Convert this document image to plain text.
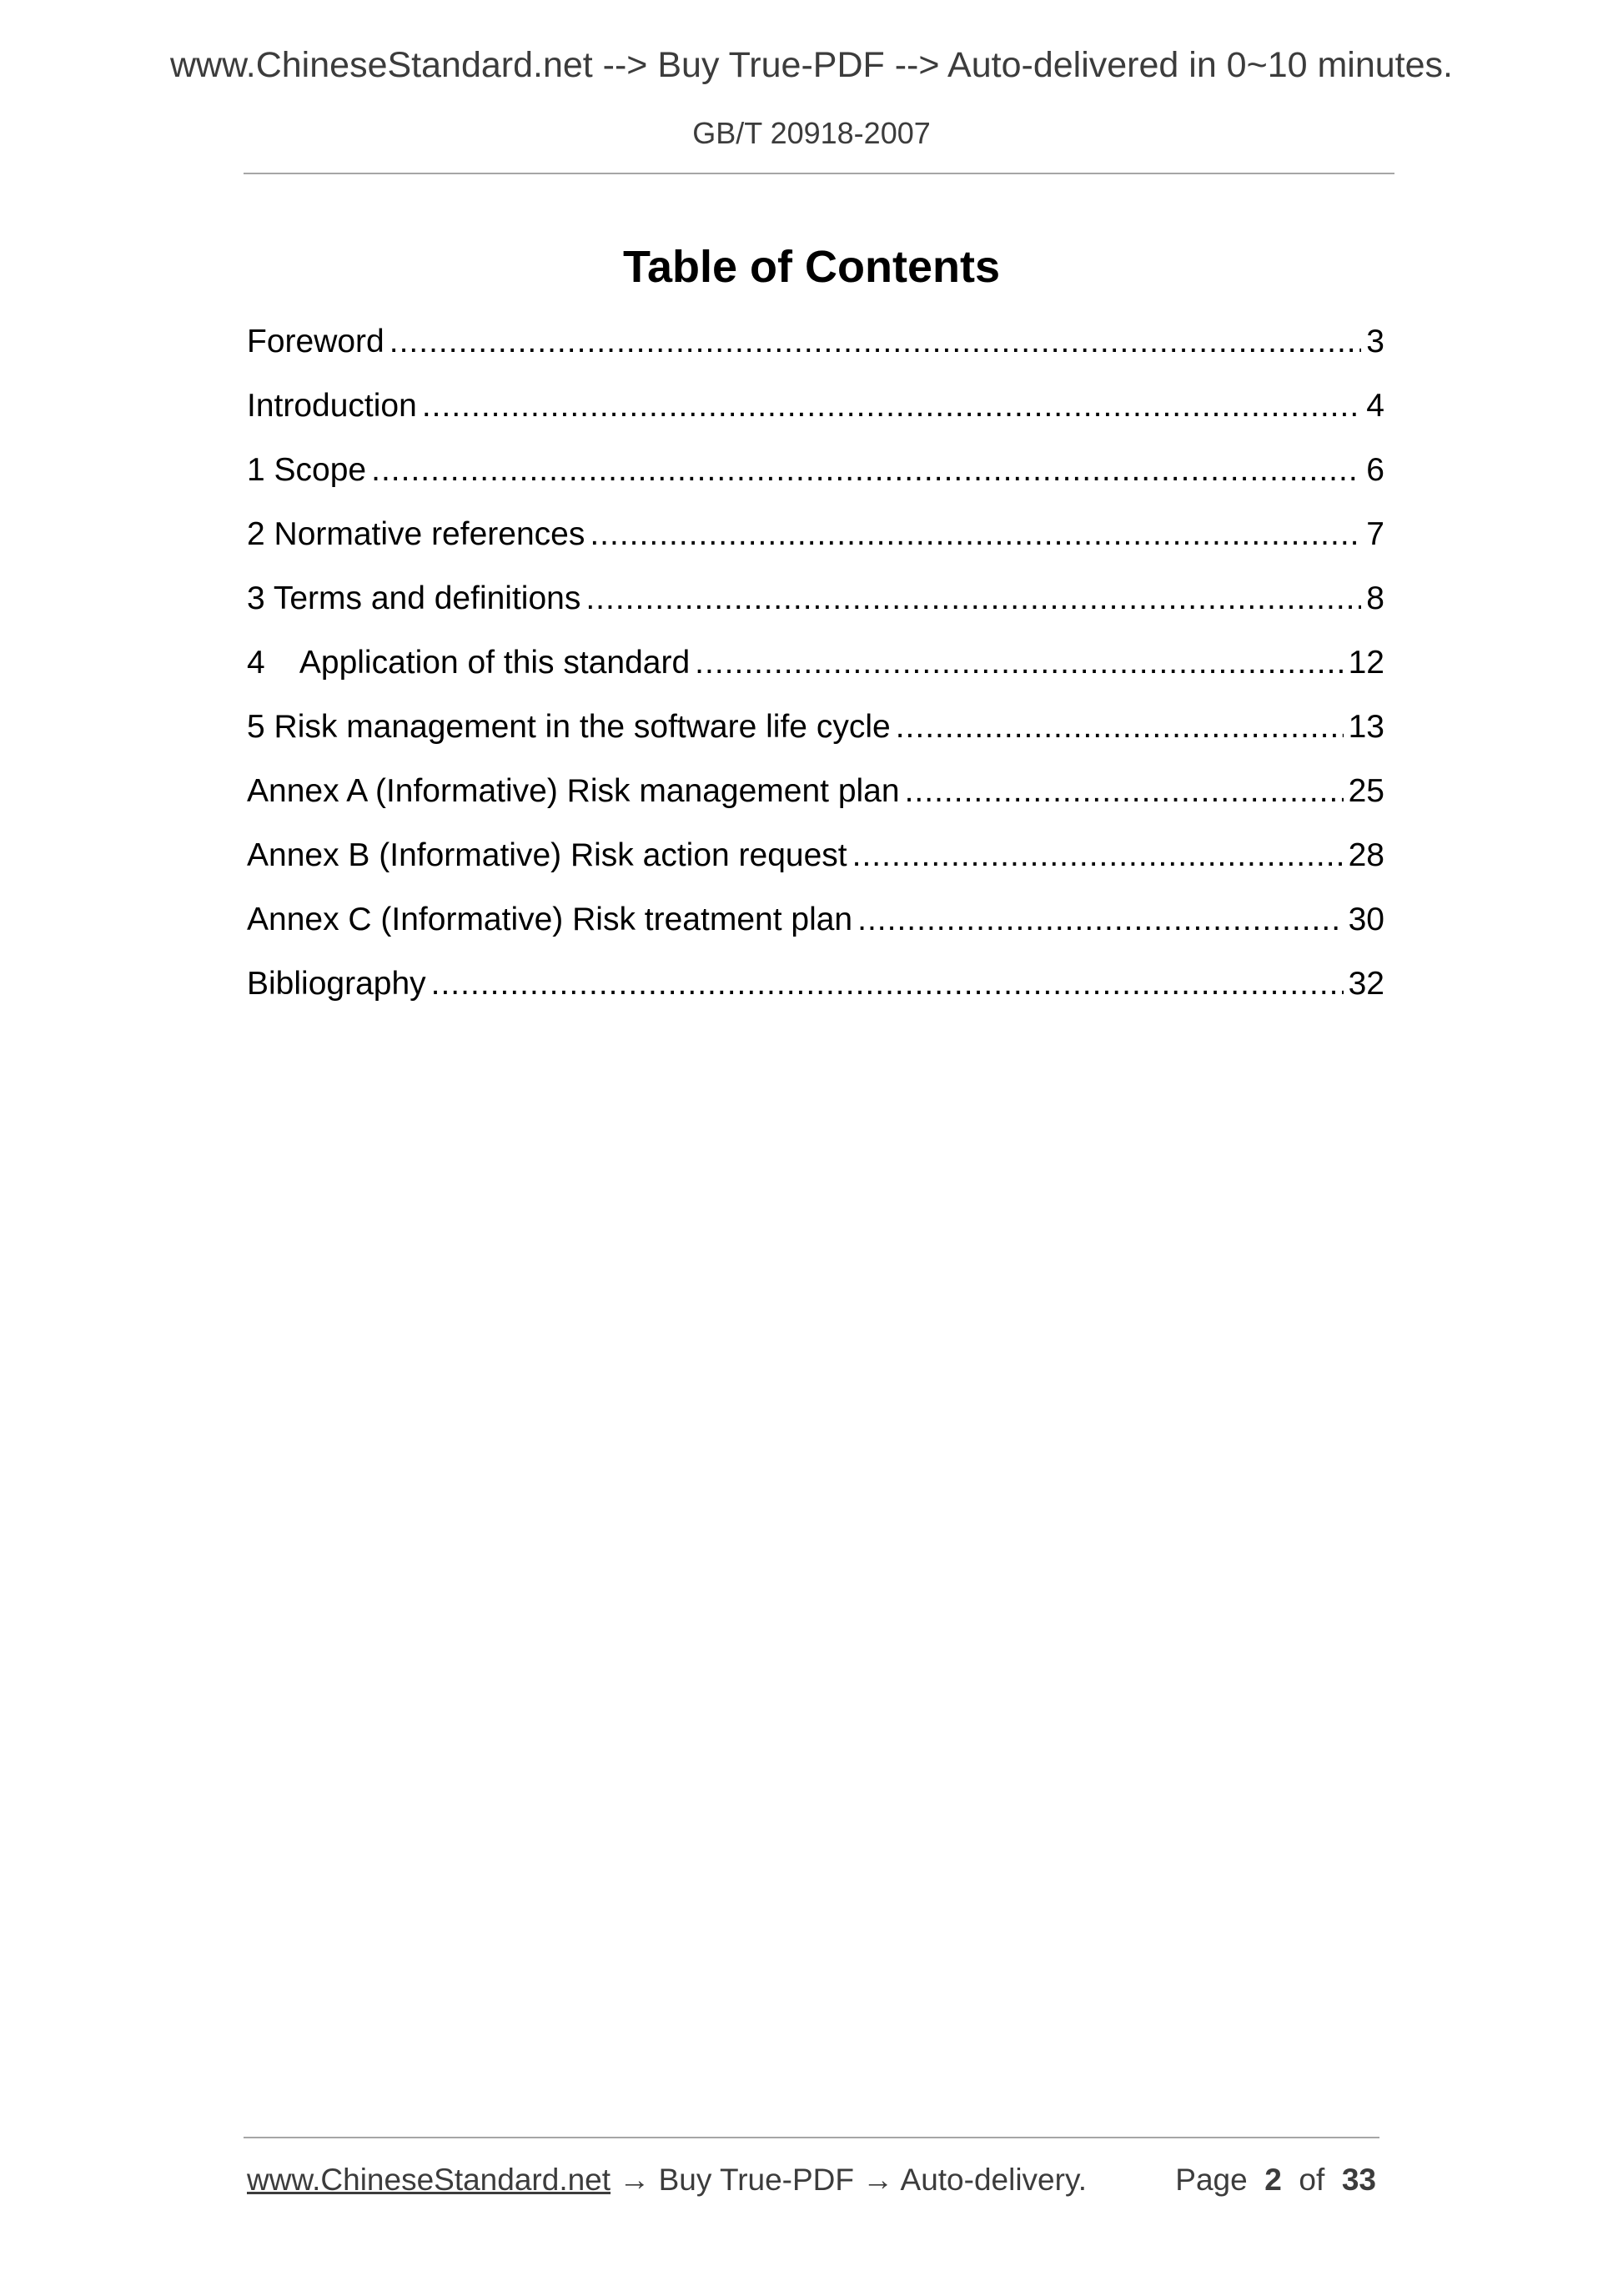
www.ChineseStandard.net --> Buy True-PDF --> Auto-delivered in 0~10 minutes.
GB/T 20918-2007
Table of Contents
Foreword .....	3
Introduction .....	4
1 Scope .....	6
2 Normative references .....	7
3 Terms and definitions .....	8
4    Application of this standard .....	12
5 Risk management in the software life cycle .....	13
Annex A (Informative) Risk management plan .....	25
Annex B (Informative) Risk action request .....	28
Annex C (Informative) Risk treatment plan .....	30
Bibliography .....	32
www.ChineseStandard.net → Buy True-PDF → Auto-delivery.	Page 2 of 33
